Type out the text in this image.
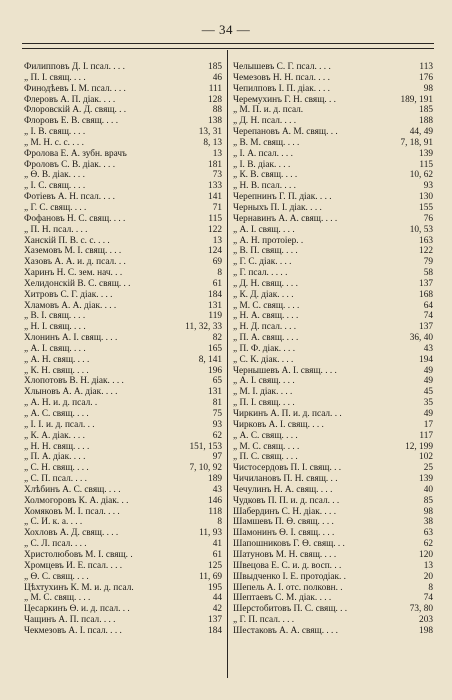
— 34 —
Филипповъ Д. I. псал. . . .	185
„ П. I. свящ. . . .	46
Финодѣевъ I. М. псал. . . .	111
Флеровъ А. П. діак. . . .	128
Флоровскій А. Д. свящ. . .	88
Флоровъ Е. В. свящ. . . .	138
„ I. В. свящ. . . .	13, 31
„ М. Н. с. с. . . .	8, 13
Фролова Е. А. зубн. врачъ	13
Фроловъ С. В. діак. . . .	181
„ Ѳ. В. діак. . . .	73
„ I. С. свящ. . . .	133
Фотіевъ А. Н. псал. . . .	141
„ Г. С. свящ. . . .	71
Фофановъ Н. С. свящ. . . .	115
„ П. Н. псал. . . .	122
Ханскій П. В. с. с. . . .	13
Хаземовъ М. I. свящ. . . .	124
Хазовъ А. А. и. д. псал. . .	69
Харинъ Н. С. зем. нач. . .	8
Хелидонскій В. С. свящ. . .	61
Хитровъ С. Г. діак. . . .	184
Хламовъ А. А. діак. . . .	131
„ В. I. свящ. . . .	119
„ Н. I. свящ. . . .	11, 32, 33
Хлонинъ А. I. свящ. . . .	82
„ А. I. свящ. . . .	165
„ А. Н. свящ. . . .	8, 141
„ К. Н. свящ. . . .	196
Хлопотовъ В. Н. діак. . . .	65
Хлыновъ А. А. діак. . . .	131
„ А. Н. и. д. псал. .	81
„ А. С. свящ. . . .	75
„ I. I. и. д. псал. . .	93
„ К. А. діак. . . .	62
„ Н. Н. свящ. . . .	151, 153
„ П. А. діак. . . .	97
„ С. Н. свящ. . . .	7, 10, 92
„ С. П. псал. . . .	189
Хлѣбинъ А. С. свящ. . . .	43
Холмогоровъ К. А. діак. . .	146
Хомяковъ М. I. псал. . . .	118
„ С. И. к. а. . . .	8
Хохловъ А. Д. свящ. . . .	11, 93
„ С. Л. псал. . . .	41
Христолюбовъ М. I. свящ. .	61
Хромцевъ И. Е. псал. . . .	125
„ Ѳ. С. свящ. . . .	11, 69
Цѣхтухинъ К. М. и. д. псал.	195
„ М. С. свящ. . . .	44
Цесаркинъ Ѳ. и. д. псал. . .	42
Чащинъ А. П. псал. . . .	137
Чекмезовъ А. I. псал. . . .	184
Челышевъ С. Г. псал. . . .	113
Чемезовъ Н. Н. псал. . . .	176
Чепилповъ I. П. діак. . . .	98
Черемухинъ Г. Н. свящ. . .	189, 191
„ М. П. и. д. псал.	185
„ Д. Н. псал. . . .	188
Черепановъ А. М. свящ. . .	44, 49
„ В. М. свящ. . . .	7, 18, 91
„ I. А. псал. . . .	139
„ I. В. діак. . . .	115
„ К. В. свящ. . . .	10, 62
„ Н. В. псал. . . .	93
Черепнинъ Г. П. діак. . . .	130
Черныхъ П. I. діак. . . .	155
Чернавинъ А. А. свящ. . . .	76
„ А. I. свящ. . . .	10, 53
„ А. Н. протоіер. .	163
„ В. П. свящ. . . .	122
„ Г. С. діак. . . .	79
„ Г. псал. . . . .	58
„ Д. Н. свящ. . . .	137
„ К. Д. діак. . . .	168
„ М. С. свящ. . . .	64
„ Н. А. свящ. . . .	74
„ Н. Д. псал. . . .	137
„ П. А. свящ. . . .	36, 40
„ П. Ф. діак. . . .	43
„ С. К. діак. . . .	194
Чернышевъ А. I. свящ. . . .	49
„ А. I. свящ. . . .	49
„ М. I. діак. . . .	45
„ П. I. свящ. . . .	35
Чиркинъ А. П. и. д. псал. . .	49
Чирковъ А. I. свящ. . . .	17
„ А. С. свящ. . . .	117
„ М. С. свящ. . . .	12, 199
„ П. С. свящ. . . .	102
Чистосердовъ П. I. свящ. . .	25
Чичилановъ П. Н. свящ. . .	139
Чечулинъ Н. А. свящ. . . .	40
Чудковъ П. П. и. д. псал. . .	85
Шабердинъ С. Н. діак. . . .	98
Шамшевъ П. Ѳ. свящ. . . .	38
Шамонинъ Ѳ. I. свящ. . . .	63
Шапошниковъ Г. Ѳ. свящ. . .	62
Шатуновъ М. Н. свящ. . . .	120
Швецова Е. С. и. д. восп. . .	13
Швыдченко I. Е. протодіак. .	20
Шепель А. I. отс. полковн. .	8
Шептаевъ С. М. діак. . . .	74
Шерстобитовъ П. С. свящ. . .	73, 80
„ Г. П. псал. . . .	203
Шестаковъ А. А. свящ. . . .	198
